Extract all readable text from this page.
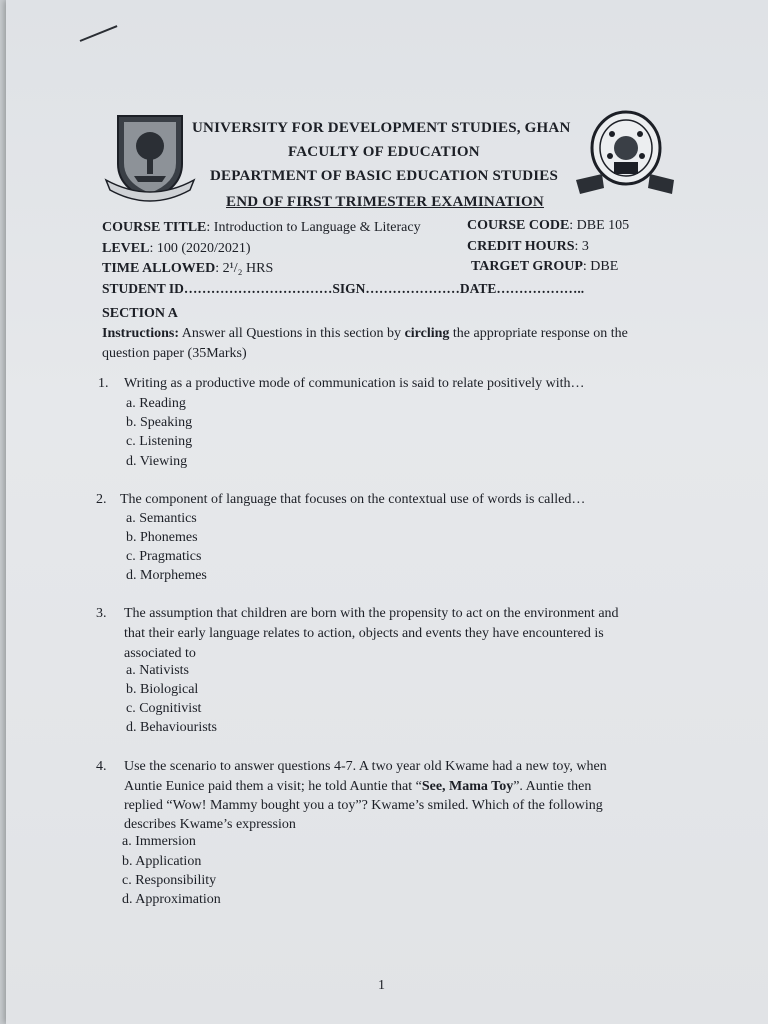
UNIVERSITY FOR DEVELOPMENT STUDIES, GHAN
FACULTY OF EDUCATION
DEPARTMENT OF BASIC EDUCATION STUDIES
END OF FIRST TRIMESTER EXAMINATION
COURSE TITLE: Introduction to Language & Literacy	COURSE CODE: DBE 105
LEVEL: 100 (2020/2021)	CREDIT HOURS: 3
TIME ALLOWED: 2¹/₂ HRS	TARGET GROUP: DBE
STUDENT ID……………………………SIGN…………………DATE………………..
SECTION A
Instructions: Answer all Questions in this section by circling the appropriate response on the question paper (35Marks)
1. Writing as a productive mode of communication is said to relate positively with…
a. Reading
b. Speaking
c. Listening
d. Viewing
2. The component of language that focuses on the contextual use of words is called…
a. Semantics
b. Phonemes
c. Pragmatics
d. Morphemes
3. The assumption that children are born with the propensity to act on the environment and
that their early language relates to action, objects and events they have encountered is
associated to
a. Nativists
b. Biological
c. Cognitivist
d. Behaviourists
4. Use the scenario to answer questions 4-7. A two year old Kwame had a new toy, when
Auntie Eunice paid them a visit; he told Auntie that “See, Mama Toy”. Auntie then
replied “Wow! Mammy bought you a toy”? Kwame’s smiled. Which of the following
describes Kwame’s expression
a. Immersion
b. Application
c. Responsibility
d. Approximation
1
